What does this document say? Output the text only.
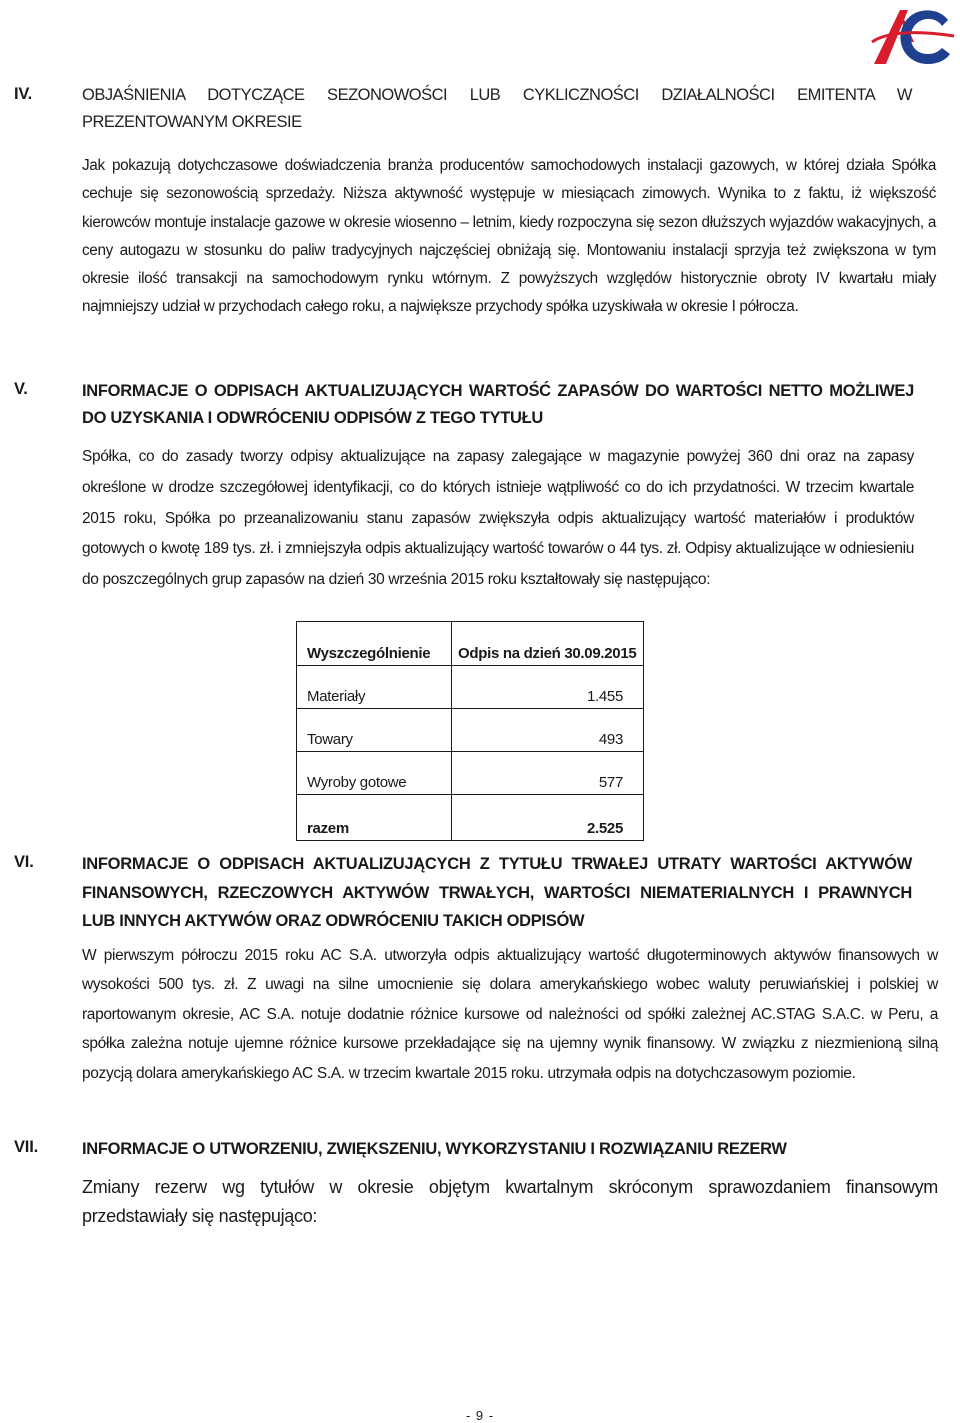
IV.	OBJAŚNIENIA DOTYCZĄCE SEZONOWOŚCI LUB CYKLICZNOŚCI DZIAŁALNOŚCI EMITENTA W
PREZENTOWANYM OKRESIE
Jak pokazują dotychczasowe doświadczenia branża producentów samochodowych instalacji gazowych, w której działa Spółka cechuje się sezonowością sprzedaży. Niższa aktywność występuje w miesiącach zimowych. Wynika to z faktu, iż większość kierowców montuje instalacje gazowe w okresie wiosenno – letnim, kiedy rozpoczyna się sezon dłuższych wyjazdów wakacyjnych, a ceny autogazu w stosunku do paliw tradycyjnych najczęściej obniżają się. Montowaniu instalacji sprzyja też zwiększona w tym okresie ilość transakcji na samochodowym rynku wtórnym. Z powyższych względów historycznie obroty IV kwartału miały najmniejszy udział w przychodach całego roku, a największe przychody spółka uzyskiwała w okresie I półrocza.
V.	INFORMACJE O ODPISACH AKTUALIZUJĄCYCH WARTOŚĆ ZAPASÓW DO WARTOŚCI NETTO MOŻLIWEJ
DO UZYSKANIA I ODWRÓCENIU ODPISÓW Z TEGO TYTUŁU
Spółka, co do zasady tworzy odpisy aktualizujące na zapasy zalegające w magazynie powyżej 360 dni oraz na zapasy określone w drodze szczegółowej identyfikacji, co do których istnieje wątpliwość co do ich przydatności. W trzecim kwartale 2015 roku, Spółka po przeanalizowaniu stanu zapasów zwiększyła odpis aktualizujący wartość materiałów i produktów gotowych o kwotę 189 tys. zł. i zmniejszyła odpis aktualizujący wartość towarów o 44 tys. zł. Odpisy aktualizujące w odniesieniu do poszczególnych grup zapasów na dzień 30 września 2015 roku kształtowały się następująco:
Wyszczególnienie	Odpis na dzień 30.09.2015
Materiały	1.455
Towary	493
Wyroby gotowe	577
razem	2.525
VI.	INFORMACJE O ODPISACH AKTUALIZUJĄCYCH Z TYTUŁU TRWAŁEJ UTRATY WARTOŚCI AKTYWÓW
FINANSOWYCH, RZECZOWYCH AKTYWÓW TRWAŁYCH, WARTOŚCI NIEMATERIALNYCH I PRAWNYCH
LUB INNYCH AKTYWÓW ORAZ ODWRÓCENIU TAKICH ODPISÓW
W pierwszym półroczu 2015 roku AC S.A. utworzyła odpis aktualizujący wartość długoterminowych aktywów finansowych w wysokości 500 tys. zł. Z uwagi na silne umocnienie się dolara amerykańskiego wobec waluty peruwiańskiej i polskiej w raportowanym okresie, AC S.A. notuje dodatnie różnice kursowe od należności od spółki zależnej AC.STAG S.A.C. w Peru, a spółka zależna notuje ujemne różnice kursowe przekładające się na ujemny wynik finansowy. W związku z niezmienioną silną pozycją dolara amerykańskiego AC S.A. w trzecim kwartale 2015 roku. utrzymała odpis na dotychczasowym poziomie.
VII.	INFORMACJE O UTWORZENIU, ZWIĘKSZENIU, WYKORZYSTANIU I ROZWIĄZANIU REZERW
Zmiany rezerw wg tytułów w okresie objętym kwartalnym skróconym sprawozdaniem finansowym przedstawiały się następująco:
- 9 -
